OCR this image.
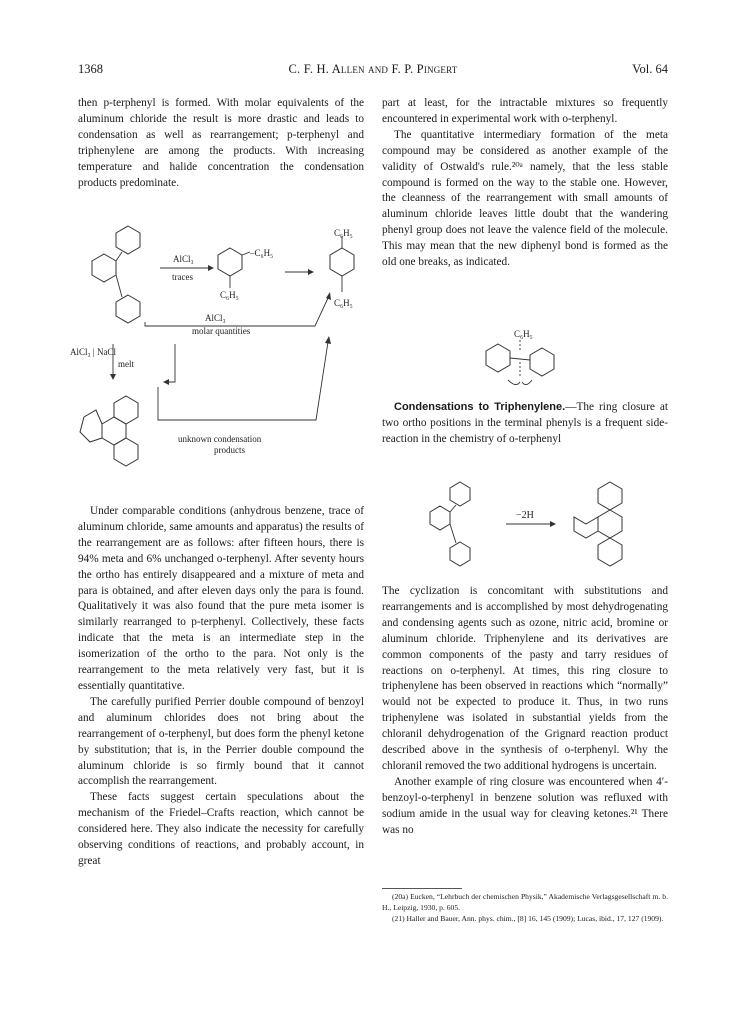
1368	C. F. H. Allen and F. P. Pingert	Vol. 64

then p-terphenyl is formed. With molar equivalents of the aluminum chloride the result is more drastic and leads to condensation as well as rearrangement; p-terphenyl and triphenylene are among the products. With increasing temperature and halide concentration the condensation products predominate.

–C₆H₅
C₆H₅
C₆H₅
C₆H₅
AlCl₃
traces
AlCl₃
molar quantities
AlCl₃ | NaCl
melt
unknown condensation
products

Under comparable conditions (anhydrous benzene, trace of aluminum chloride, same amounts and apparatus) the results of the rearrangement are as follows: after fifteen hours, there is 94% meta and 6% unchanged o-terphenyl. After seventy hours the ortho has entirely disappeared and a mixture of meta and para is obtained, and after eleven days only the para is found. Qualitatively it was also found that the pure meta isomer is similarly rearranged to p-terphenyl. Collectively, these facts indicate that the meta is an intermediate step in the isomerization of the ortho to the para. Not only is the rearrangement to the meta relatively very fast, but it is essentially quantitative.

The carefully purified Perrier double compound of benzoyl and aluminum chlorides does not bring about the rearrangement of o-terphenyl, but does form the phenyl ketone by substitution; that is, in the Perrier double compound the aluminum chloride is so firmly bound that it cannot accomplish the rearrangement.

These facts suggest certain speculations about the mechanism of the Friedel–Crafts reaction, which cannot be considered here. They also indicate the necessity for carefully observing conditions of reactions, and probably account, in great

part at least, for the intractable mixtures so frequently encountered in experimental work with o-terphenyl.

The quantitative intermediary formation of the meta compound may be considered as another example of the validity of Ostwald's rule.²⁰ᵃ namely, that the less stable compound is formed on the way to the stable one. However, the cleanness of the rearrangement with small amounts of aluminum chloride leaves little doubt that the wandering phenyl group does not leave the valence field of the molecule. This may mean that the new diphenyl bond is formed as the old one breaks, as indicated.

C₆H₅

Condensations to Triphenylene.—The ring closure at two ortho positions in the terminal phenyls is a frequent side-reaction in the chemistry of o-terphenyl

−2H

The cyclization is concomitant with substitutions and rearrangements and is accomplished by most dehydrogenating and condensing agents such as ozone, nitric acid, bromine or aluminum chloride. Triphenylene and its derivatives are common components of the pasty and tarry residues of reactions on o-terphenyl. At times, this ring closure to triphenylene has been observed in reactions which “normally” would not be expected to produce it. Thus, in two runs triphenylene was isolated in substantial yields from the chloranil dehydrogenation of the Grignard reaction product described above in the synthesis of o-terphenyl. Why the chloranil removed the two additional hydrogens is uncertain.

Another example of ring closure was encountered when 4′-benzoyl-o-terphenyl in benzene solution was refluxed with sodium amide in the usual way for cleaving ketones.²¹ There was no

(20a) Eucken, “Lehrbuch der chemischen Physik,” Akademische Verlagsgesellschaft m. b. H., Leipzig, 1930, p. 605.

(21) Haller and Bauer, Ann. phys. chim., [8] 16, 145 (1909); Lucas, ibid., 17, 127 (1909).
